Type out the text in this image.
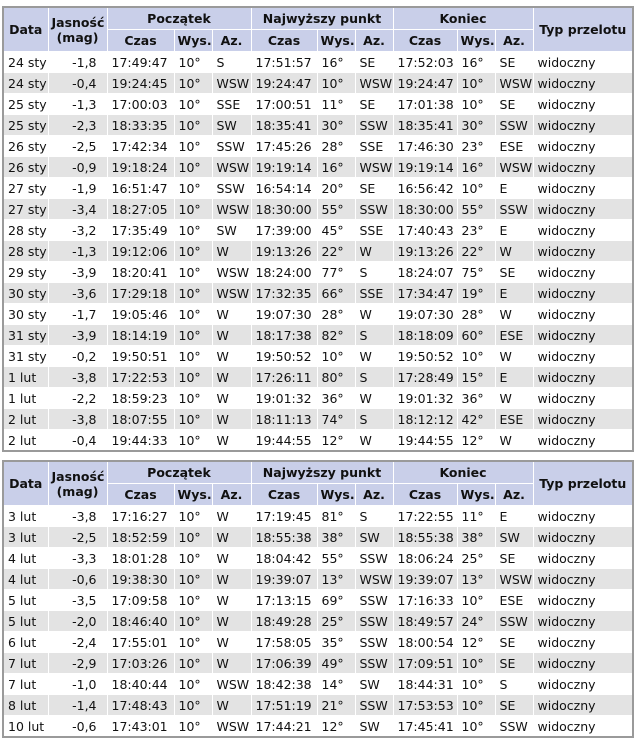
Data	Jasność
(mag)	Początek			Najwyższy punkt			Koniec			Typ przelotu
		Czas	Wys.	Az.	Czas	Wys.	Az.	Czas	Wys.	Az.	
24 sty	-1,8	17:49:47	10°	S	17:51:57	16°	SE	17:52:03	16°	SE	widoczny
24 sty	-0,4	19:24:45	10°	WSW	19:24:47	10°	WSW	19:24:47	10°	WSW	widoczny
25 sty	-1,3	17:00:03	10°	SSE	17:00:51	11°	SE	17:01:38	10°	SE	widoczny
25 sty	-2,3	18:33:35	10°	SW	18:35:41	30°	SSW	18:35:41	30°	SSW	widoczny
26 sty	-2,5	17:42:34	10°	SSW	17:45:26	28°	SSE	17:46:30	23°	ESE	widoczny
26 sty	-0,9	19:18:24	10°	WSW	19:19:14	16°	WSW	19:19:14	16°	WSW	widoczny
27 sty	-1,9	16:51:47	10°	SSW	16:54:14	20°	SE	16:56:42	10°	E	widoczny
27 sty	-3,4	18:27:05	10°	WSW	18:30:00	55°	SSW	18:30:00	55°	SSW	widoczny
28 sty	-3,2	17:35:49	10°	SW	17:39:00	45°	SSE	17:40:43	23°	E	widoczny
28 sty	-1,3	19:12:06	10°	W	19:13:26	22°	W	19:13:26	22°	W	widoczny
29 sty	-3,9	18:20:41	10°	WSW	18:24:00	77°	S	18:24:07	75°	SE	widoczny
30 sty	-3,6	17:29:18	10°	WSW	17:32:35	66°	SSE	17:34:47	19°	E	widoczny
30 sty	-1,7	19:05:46	10°	W	19:07:30	28°	W	19:07:30	28°	W	widoczny
31 sty	-3,9	18:14:19	10°	W	18:17:38	82°	S	18:18:09	60°	ESE	widoczny
31 sty	-0,2	19:50:51	10°	W	19:50:52	10°	W	19:50:52	10°	W	widoczny
1 lut	-3,8	17:22:53	10°	W	17:26:11	80°	S	17:28:49	15°	E	widoczny
1 lut	-2,2	18:59:23	10°	W	19:01:32	36°	W	19:01:32	36°	W	widoczny
2 lut	-3,8	18:07:55	10°	W	18:11:13	74°	S	18:12:12	42°	ESE	widoczny
2 lut	-0,4	19:44:33	10°	W	19:44:55	12°	W	19:44:55	12°	W	widoczny
Data	Jasność
(mag)	Początek			Najwyższy punkt			Koniec			Typ przelotu
		Czas	Wys.	Az.	Czas	Wys.	Az.	Czas	Wys.	Az.	
3 lut	-3,8	17:16:27	10°	W	17:19:45	81°	S	17:22:55	11°	E	widoczny
3 lut	-2,5	18:52:59	10°	W	18:55:38	38°	SW	18:55:38	38°	SW	widoczny
4 lut	-3,3	18:01:28	10°	W	18:04:42	55°	SSW	18:06:24	25°	SE	widoczny
4 lut	-0,6	19:38:30	10°	W	19:39:07	13°	WSW	19:39:07	13°	WSW	widoczny
5 lut	-3,5	17:09:58	10°	W	17:13:15	69°	SSW	17:16:33	10°	ESE	widoczny
5 lut	-2,0	18:46:40	10°	W	18:49:28	25°	SSW	18:49:57	24°	SSW	widoczny
6 lut	-2,4	17:55:01	10°	W	17:58:05	35°	SSW	18:00:54	12°	SE	widoczny
7 lut	-2,9	17:03:26	10°	W	17:06:39	49°	SSW	17:09:51	10°	SE	widoczny
7 lut	-1,0	18:40:44	10°	WSW	18:42:38	14°	SW	18:44:31	10°	S	widoczny
8 lut	-1,4	17:48:43	10°	W	17:51:19	21°	SSW	17:53:53	10°	SE	widoczny
10 lut	-0,6	17:43:01	10°	WSW	17:44:21	12°	SW	17:45:41	10°	SSW	widoczny
